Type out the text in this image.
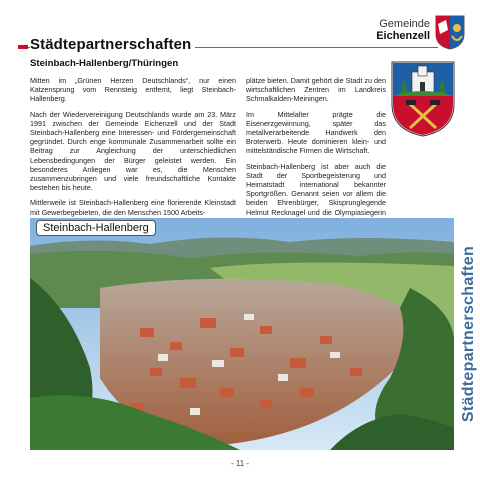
Städtepartnerschaften
Gemeinde
Eichenzell
Steinbach-Hallenberg/Thüringen

Mitten im „Grünen Herzen Deutschlands“, nur einen Katzensprung vom Rennsteig entfernt, liegt Steinbach-Hallenberg.

Nach der Wiedervereinigung Deutschlands wurde am 23. März 1991 zwischen der Gemeinde Eichenzell und der Stadt Steinbach-Hallenberg eine Interessen- und Fördergemeinschaft gegründet. Durch enge kommunale Zusammenarbeit sollte ein Beitrag zur Angleichung der unterschiedlichen Lebensbedingungen der Bürger geleistet werden. Ein besonderes Anliegen war es, die Menschen zusammenzubringen und viele freundschaftliche Kontakte bestehen bis heute.

Mittlerweile ist Steinbach-Hallenberg eine florierende Kleinstadt mit Gewerbegebieten, die den Menschen 1500 Arbeits-

plätze bieten. Damit gehört die Stadt zu den wirtschaftlichen Zentren im Landkreis Schmalkalden-Meiningen.

Im Mittelalter prägte die Eisenerzgewinnung, später das metallverarbeitende Handwerk den Broterwerb. Heute dominieren klein- und mittelständische Firmen die Wirtschaft.

Steinbach-Hallenberg ist aber auch die Stadt der Sportbegeisterung und Heimatstadt international bekannter Sportgrößen. Genannt seien vor allem die beiden Ehrenbürger, Skisprunglegende Helmut Recknagel und die Olympiasiegerin

Steinbach-Hallenberg
Städtepartnerschaften
- 11 -
